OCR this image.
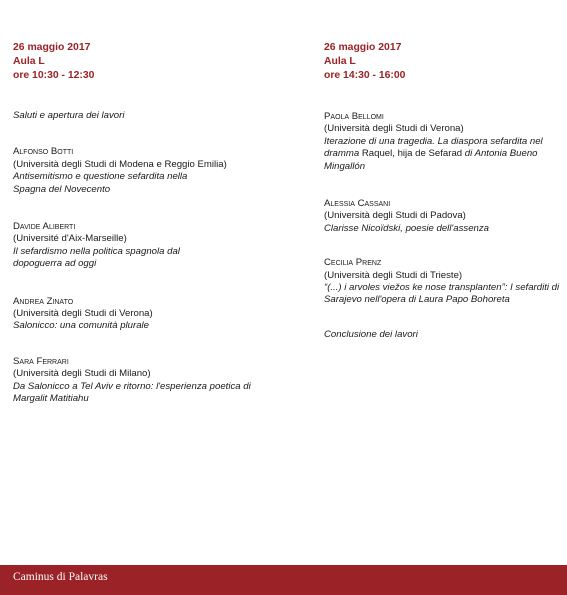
26 maggio 2017
Aula L
ore 10:30 - 12:30
Saluti e apertura dei lavori
Alfonso Botti
(Università degli Studi di Modena e Reggio Emilia)
Antisemitismo e questione sefardita nella Spagna del Novecento
Davide Aliberti
(Université d'Aix-Marseille)
Il sefardismo nella politica spagnola dal dopoguerra ad oggi
Andrea Zinato
(Università degli Studi di Verona)
Salonicco: una comunità plurale
Sara Ferrari
(Università degli Studi di Milano)
Da Salonicco a Tel Aviv e ritorno: l'esperienza poetica di Margalit Matitiahu
26 maggio 2017
Aula L
ore 14:30 - 16:00
Paola Bellomi
(Università degli Studi di Verona)
Iterazione di una tragedia. La diaspora sefardita nel dramma Raquel, hija de Sefarad di Antonia Bueno Mingallón
Alessia Cassani
(Università degli Studi di Padova)
Clarisse Nicoïdski, poesie dell'assenza
Cecilia Prenz
(Università degli Studi di Trieste)
“(...) i arvoles viežos ke nose transplanten”: I sefarditi di Sarajevo nell'opera di Laura Papo Bohoreta
Conclusione dei lavori
Caminus di Palavras
